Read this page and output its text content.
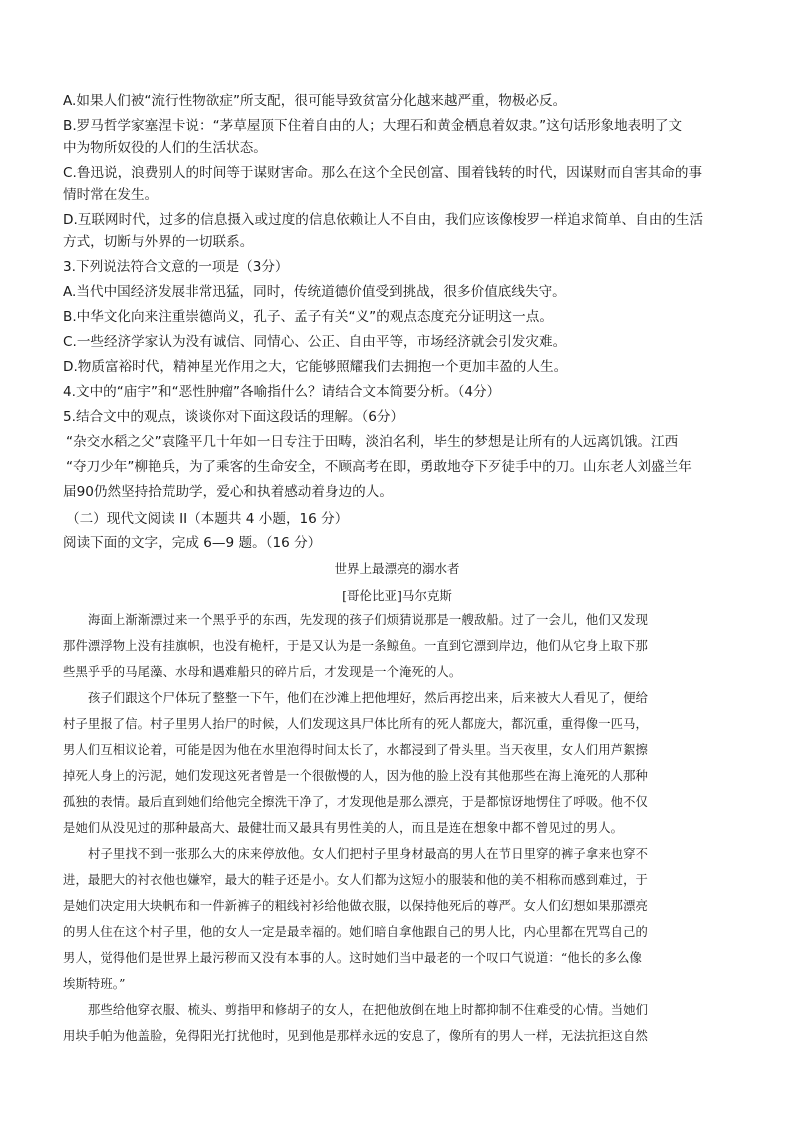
A.如果人们被“流行性物欲症”所支配，很可能导致贫富分化越来越严重，物极必反。
B.罗马哲学家塞涅卡说：“茅草屋顶下住着自由的人；大理石和黄金栖息着奴隶。”这句话形象地表明了文
中为物所奴役的人们的生活状态。
C.鲁迅说，浪费别人的时间等于谋财害命。那么在这个全民创富、围着钱转的时代，因谋财而自害其命的事
情时常在发生。
D.互联网时代，过多的信息摄入或过度的信息依赖让人不自由，我们应该像梭罗一样追求简单、自由的生活
方式，切断与外界的一切联系。
3.下列说法符合文意的一项是（3分）
A.当代中国经济发展非常迅猛，同时，传统道德价值受到挑战，很多价值底线失守。
B.中华文化向来注重崇德尚义，孔子、孟子有关“义”的观点态度充分证明这一点。
C.一些经济学家认为没有诚信、同情心、公正、自由平等，市场经济就会引发灾难。
D.物质富裕时代，精神星光作用之大，它能够照耀我们去拥抱一个更加丰盈的人生。
4.文中的“庙宇”和“恶性肿瘤”各喻指什么？请结合文本简要分析。（4分）
5.结合文中的观点，谈谈你对下面这段话的理解。（6分）
“杂交水稻之父”袁隆平几十年如一日专注于田畴，淡泊名利，毕生的梦想是让所有的人远离饥饿。江西
“夺刀少年”柳艳兵，为了乘客的生命安全，不顾高考在即，勇敢地夺下歹徒手中的刀。山东老人刘盛兰年
届90仍然坚持拾荒助学，爱心和执着感动着身边的人。
（二）现代文阅读 II（本题共 4 小题，16 分）
阅读下面的文字，完成 6—9 题。（16 分）
世界上最漂亮的溺水者
[哥伦比亚]马尔克斯
海面上渐渐漂过来一个黑乎乎的东西，先发现的孩子们烦猜说那是一艘敌船。过了一会儿，他们又发现
那件漂浮物上没有挂旗帜，也没有桅杆，于是又认为是一条鲸鱼。一直到它漂到岸边，他们从它身上取下那
些黑乎乎的马尾藻、水母和遇难船只的碎片后，才发现是一个淹死的人。
孩子们跟这个尸体玩了整整一下午，他们在沙滩上把他埋好，然后再挖出来，后来被大人看见了，便给
村子里报了信。村子里男人抬尸的时候，人们发现这具尸体比所有的死人都庞大，都沉重，重得像一匹马，
男人们互相议论着，可能是因为他在水里泡得时间太长了，水都浸到了骨头里。当天夜里，女人们用芦絮擦
掉死人身上的污泥，她们发现这死者曾是一个很傲慢的人，因为他的脸上没有其他那些在海上淹死的人那种
孤独的表情。最后直到她们给他完全擦洗干净了，才发现他是那么漂亮，于是都惊讶地愣住了呼吸。他不仅
是她们从没见过的那种最高大、最健壮而又最具有男性美的人，而且是连在想象中都不曾见过的男人。
村子里找不到一张那么大的床来停放他。女人们把村子里身材最高的男人在节日里穿的裤子拿来也穿不
进，最肥大的衬衣他也嫌窄，最大的鞋子还是小。女人们都为这短小的服装和他的美不相称而感到难过，于
是她们决定用大块帆布和一件新裤子的粗线衬衫给他做衣服，以保持他死后的尊严。女人们幻想如果那漂亮
的男人住在这个村子里，他的女人一定是最幸福的。她们暗自拿他跟自己的男人比，内心里都在咒骂自己的
男人，觉得他们是世界上最污秽而又没有本事的人。这时她们当中最老的一个叹口气说道：“他长的多么像
埃斯特班。”
那些给他穿衣服、梳头、剪指甲和修胡子的女人，在把他放倒在地上时都抑制不住难受的心情。当她们
用块手帕为他盖脸，免得阳光打扰他时，见到他是那样永远的安息了，像所有的男人一样，无法抗拒这自然
